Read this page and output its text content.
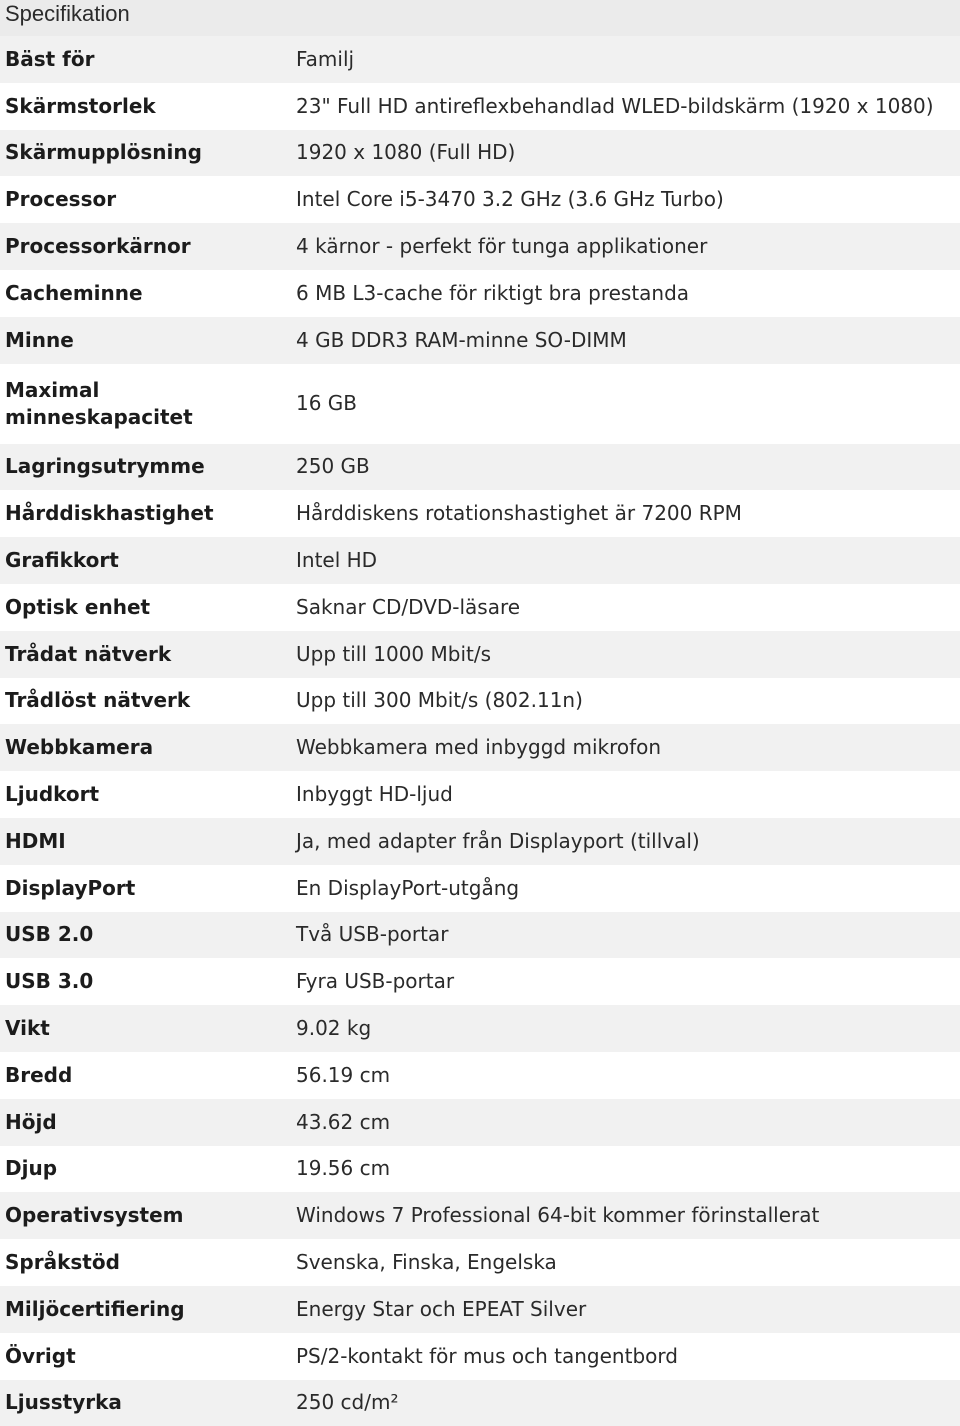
Specifikation
Bäst för	Familj
Skärmstorlek	23" Full HD antireflexbehandlad WLED-bildskärm (1920 x 1080)
Skärmupplösning	1920 x 1080 (Full HD)
Processor	Intel Core i5-3470 3.2 GHz (3.6 GHz Turbo)
Processorkärnor	4 kärnor - perfekt för tunga applikationer
Cacheminne	6 MB L3-cache för riktigt bra prestanda
Minne	4 GB DDR3 RAM-minne SO-DIMM
Maximal minneskapacitet	16 GB
Lagringsutrymme	250 GB
Hårddiskhastighet	Hårddiskens rotationshastighet är 7200 RPM
Grafikkort	Intel HD
Optisk enhet	Saknar CD/DVD-läsare
Trådat nätverk	Upp till 1000 Mbit/s
Trådlöst nätverk	Upp till 300 Mbit/s (802.11n)
Webbkamera	Webbkamera med inbyggd mikrofon
Ljudkort	Inbyggt HD-ljud
HDMI	Ja, med adapter från Displayport (tillval)
DisplayPort	En DisplayPort-utgång
USB 2.0	Två USB-portar
USB 3.0	Fyra USB-portar
Vikt	9.02 kg
Bredd	56.19 cm
Höjd	43.62 cm
Djup	19.56 cm
Operativsystem	Windows 7 Professional 64-bit kommer förinstallerat
Språkstöd	Svenska, Finska, Engelska
Miljöcertifiering	Energy Star och EPEAT Silver
Övrigt	PS/2-kontakt för mus och tangentbord
Ljusstyrka	250 cd/m²
